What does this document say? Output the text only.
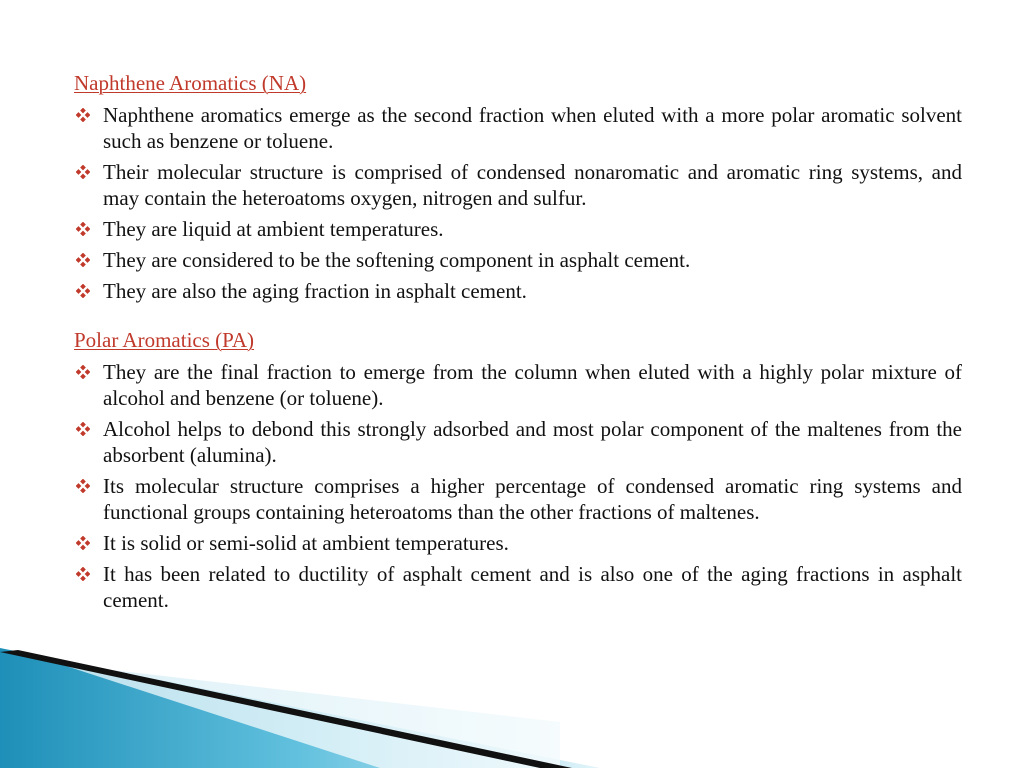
Naphthene Aromatics (NA)
Naphthene aromatics emerge as the second fraction when eluted with a more polar aromatic solvent such as benzene or toluene.
Their molecular structure is comprised of condensed nonaromatic and aromatic ring systems, and may contain the heteroatoms oxygen, nitrogen and sulfur.
They are liquid at ambient temperatures.
They are considered to be the softening component in asphalt cement.
They are also the aging fraction in asphalt cement.
Polar Aromatics (PA)
They are the final fraction to emerge from the column when eluted with a highly polar mixture of alcohol and benzene (or toluene).
Alcohol helps to debond this strongly adsorbed and most polar component of the maltenes from the absorbent (alumina).
Its molecular structure comprises a higher percentage of condensed aromatic ring systems and functional groups containing heteroatoms than the other fractions of maltenes.
It is solid or semi-solid at ambient temperatures.
It has been related to ductility of asphalt cement and is also one of the aging fractions in asphalt cement.
